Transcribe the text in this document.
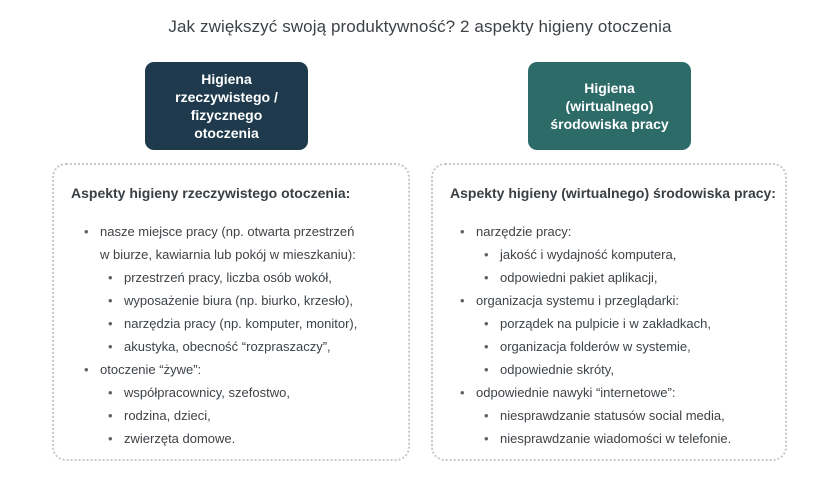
Jak zwiększyć swoją produktywność? 2 aspekty higieny otoczenia
Higiena
rzeczywistego /
fizycznego
otoczenia
Higiena
(wirtualnego)
środowiska pracy
Aspekty higieny rzeczywistego otoczenia:
• nasze miejsce pracy (np. otwarta przestrzeń
w biurze, kawiarnia lub pokój w mieszkaniu):
• przestrzeń pracy, liczba osób wokół,
• wyposażenie biura (np. biurko, krzesło),
• narzędzia pracy (np. komputer, monitor),
• akustyka, obecność “rozpraszaczy”,
• otoczenie “żywe”:
• współpracownicy, szefostwo,
• rodzina, dzieci,
• zwierzęta domowe.
Aspekty higieny (wirtualnego) środowiska pracy:
• narzędzie pracy:
• jakość i wydajność komputera,
• odpowiedni pakiet aplikacji,
• organizacja systemu i przeglądarki:
• porządek na pulpicie i w zakładkach,
• organizacja folderów w systemie,
• odpowiednie skróty,
• odpowiednie nawyki “internetowe”:
• niesprawdzanie statusów social media,
• niesprawdzanie wiadomości w telefonie.
